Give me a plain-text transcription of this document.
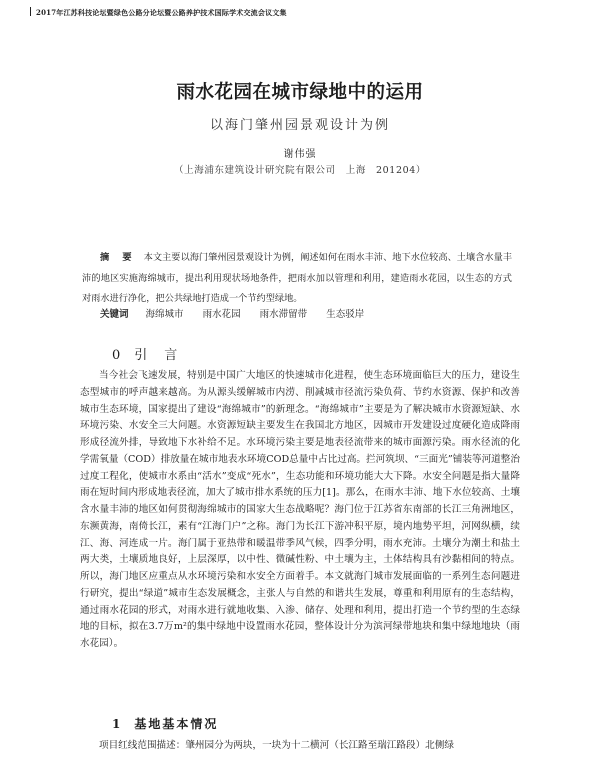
2017年江苏科技论坛暨绿色公路分论坛暨公路养护技术国际学术交流会议文集
雨水花园在城市绿地中的运用
以海门肇州园景观设计为例
谢伟强
（上海浦东建筑设计研究院有限公司　上海　201204）
摘　要 本文主要以海门肇州园景观设计为例，阐述如何在雨水丰沛、地下水位较高、土壤含水量丰沛的地区实施海绵城市，提出利用现状场地条件，把雨水加以管理和利用，建造雨水花园，以生态的方式对雨水进行净化，把公共绿地打造成一个节约型绿地。
关键词 海绵城市 雨水花园 雨水滞留带 生态驳岸
0 引　言

当今社会飞速发展，特别是中国广大地区的快速城市化进程，使生态环境面临巨大的压力，建设生态型城市的呼声越来越高。为从源头缓解城市内涝、削减城市径流污染负荷、节约水资源、保护和改善城市生态环境，国家提出了建设“海绵城市”的新理念。“海绵城市”主要是为了解决城市水资源短缺、水环境污染、水安全三大问题。水资源短缺主要发生在我国北方地区，因城市开发建设过度硬化造成降雨形成径流外排，导致地下水补给不足。水环境污染主要是地表径流带来的城市面源污染。雨水径流的化学需氧量（COD）排放量在城市地表水环境COD总量中占比过高。拦河筑坝、“三面光”铺装等河道整治过度工程化，使城市水系由“活水”变成“死水”，生态功能和环境功能大大下降。水安全问题是指大量降雨在短时间内形成地表径流，加大了城市排水系统的压力[1]。那么，在雨水丰沛、地下水位较高、土壤含水量丰沛的地区如何贯彻海绵城市的国家大生态战略呢？海门位于江苏省东南部的长江三角洲地区，东濒黄海，南倚长江，素有“江海门户”之称。海门为长江下游冲积平原，境内地势平坦，河网纵横，续江、海、河连成一片。海门属于亚热带和暖温带季风气候，四季分明，雨水充沛。土壤分为潮土和盐土两大类，土壤质地良好，上层深厚，以中性、微碱性粉、中土壤为主，土体结构具有沙黏相间的特点。所以，海门地区应重点从水环境污染和水安全方面着手。本文就海门城市发展面临的一系列生态问题进行研究，提出“绿道”城市生态发展概念，主张人与自然的和谐共生发展，尊重和利用原有的生态结构，通过雨水花园的形式，对雨水进行就地收集、入渗、储存、处理和利用，提出打造一个节约型的生态绿地的目标，拟在3.7万m²的集中绿地中设置雨水花园，整体设计分为滨河绿带地块和集中绿地地块（雨水花园）。

1 基地基本情况

项目红线范围描述：肇州园分为两块，一块为十二横河（长江路至瑞江路段）北侧绿
